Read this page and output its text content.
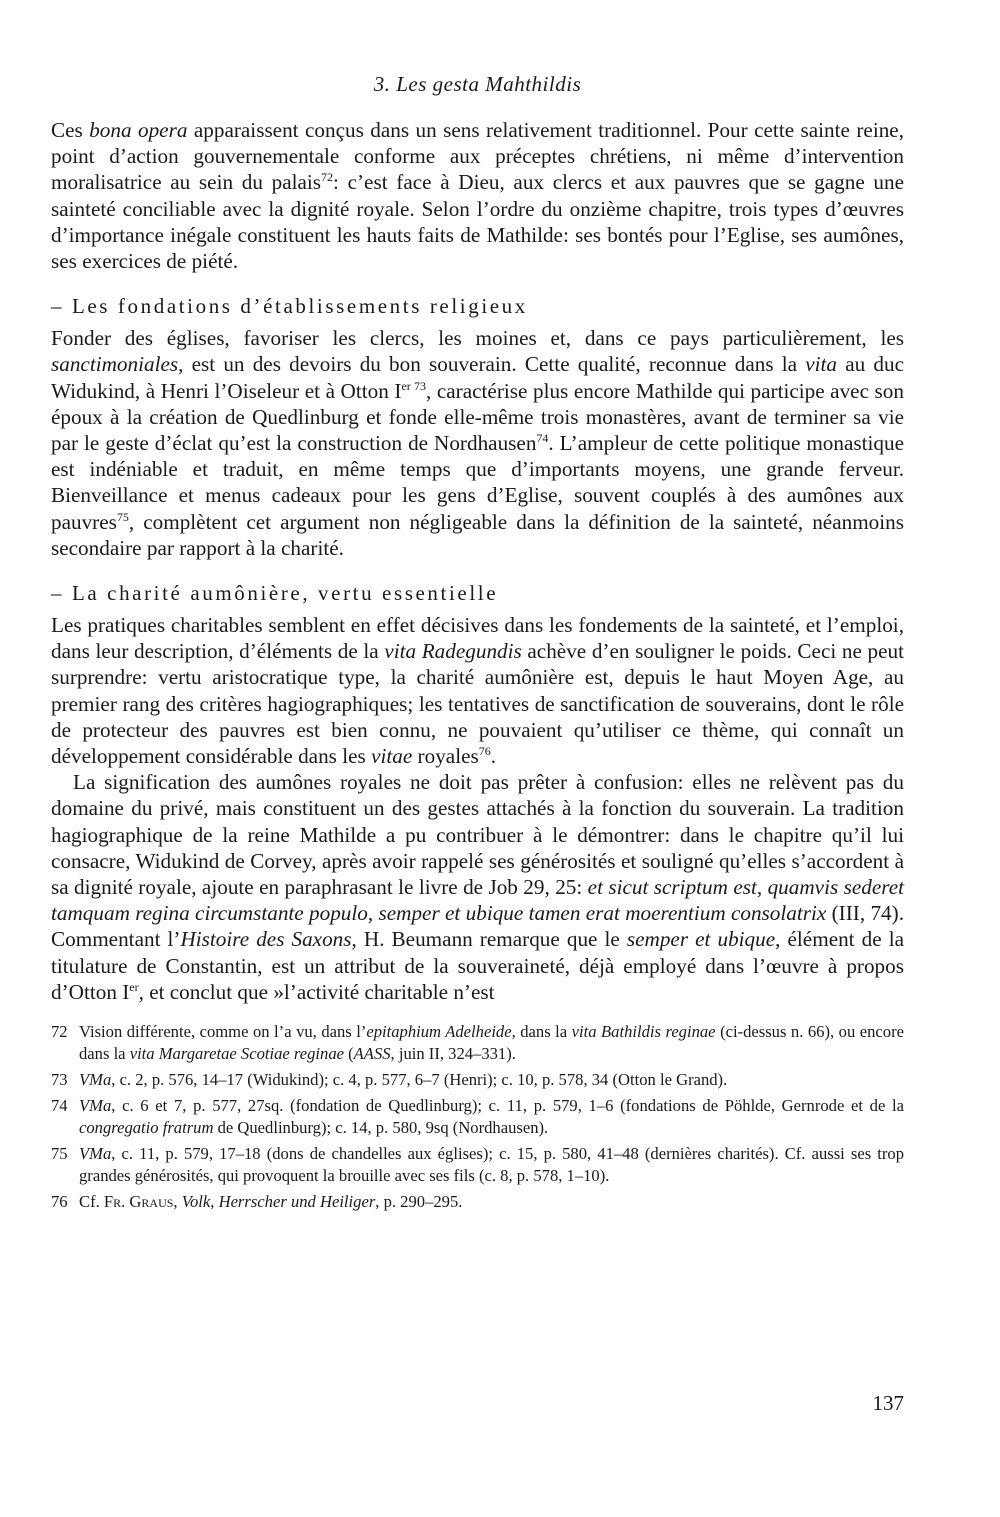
3. Les gesta Mahthildis

Ces bona opera apparaissent conçus dans un sens relativement traditionnel. Pour cette sainte reine, point d’action gouvernementale conforme aux préceptes chrétiens, ni même d’intervention moralisatrice au sein du palais$^{72}$: c’est face à Dieu, aux clercs et aux pauvres que se gagne une sainteté conciliable avec la dignité royale. Selon l’ordre du onzième chapitre, trois types d’œuvres d’importance inégale constituent les hauts faits de Mathilde: ses bontés pour l’Eglise, ses aumônes, ses exercices de piété.

– Les fondations d’établissements religieux

Fonder des églises, favoriser les clercs, les moines et, dans ce pays particulièrement, les sanctimoniales, est un des devoirs du bon souverain. Cette qualité, reconnue dans la vita au duc Widukind, à Henri l’Oiseleur et à Otton $I^{er 73}$, caractérise plus encore Mathilde qui participe avec son époux à la création de Quedlinburg et fonde elle-même trois monastères, avant de terminer sa vie par le geste d’éclat qu’est la construction de Nordhausen$^{74}$. L’ampleur de cette politique monastique est indéniable et traduit, en même temps que d’importants moyens, une grande ferveur. Bienveillance et menus cadeaux pour les gens d’Eglise, souvent couplés à des aumônes aux pauvres$^{75}$, complètent cet argument non négligeable dans la définition de la sainteté, néanmoins secondaire par rapport à la charité.

– La charité aumônière, vertu essentielle

Les pratiques charitables semblent en effet décisives dans les fondements de la sainteté, et l’emploi, dans leur description, d’éléments de la vita Radegundis achève d’en souligner le poids. Ceci ne peut surprendre: vertu aristocratique type, la charité aumônière est, depuis le haut Moyen Age, au premier rang des critères hagiographiques; les tentatives de sanctification de souverains, dont le rôle de protecteur des pauvres est bien connu, ne pouvaient qu’utiliser ce thème, qui connaît un développement considérable dans les vitae royales$^{76}$.

La signification des aumônes royales ne doit pas prêter à confusion: elles ne relèvent pas du domaine du privé, mais constituent un des gestes attachés à la fonction du souverain. La tradition hagiographique de la reine Mathilde a pu contribuer à le démontrer: dans le chapitre qu’il lui consacre, Widukind de Corvey, après avoir rappelé ses générosités et souligné qu’elles s’accordent à sa dignité royale, ajoute en paraphrasant le livre de Job 29, 25: et sicut scriptum est, quamvis sederet tamquam regina circumstante populo, semper et ubique tamen erat moerentium consolatrix (III, 74). Commentant l’Histoire des Saxons, H. Beumann remarque que le semper et ubique, élément de la titulature de Constantin, est un attribut de la souveraineté, déjà employé dans l’œuvre à propos d’Otton Ier, et conclut que »l’activité charitable n’est

72 Vision différente, comme on l’a vu, dans l’epitaphium Adelheide, dans la vita Bathildis reginae (ci-dessus n. 66), ou encore dans la vita Margaretae Scotiae reginae (AASS, juin II, 324–331).
73 VMa, c. 2, p. 576, 14–17 (Widukind); c. 4, p. 577, 6–7 (Henri); c. 10, p. 578, 34 (Otton le Grand).
74 VMa, c. 6 et 7, p. 577, 27sq. (fondation de Quedlinburg); c. 11, p. 579, 1–6 (fondations de Pöhlde, Gernrode et de la congregatio fratrum de Quedlinburg); c. 14, p. 580, 9sq (Nordhausen).
75 VMa, c. 11, p. 579, 17–18 (dons de chandelles aux églises); c. 15, p. 580, 41–48 (dernières charités). Cf. aussi ses trop grandes générosités, qui provoquent la brouille avec ses fils (c. 8, p. 578, 1–10).
76 Cf. Fr. Graus, Volk, Herrscher und Heiliger, p. 290–295.
137
